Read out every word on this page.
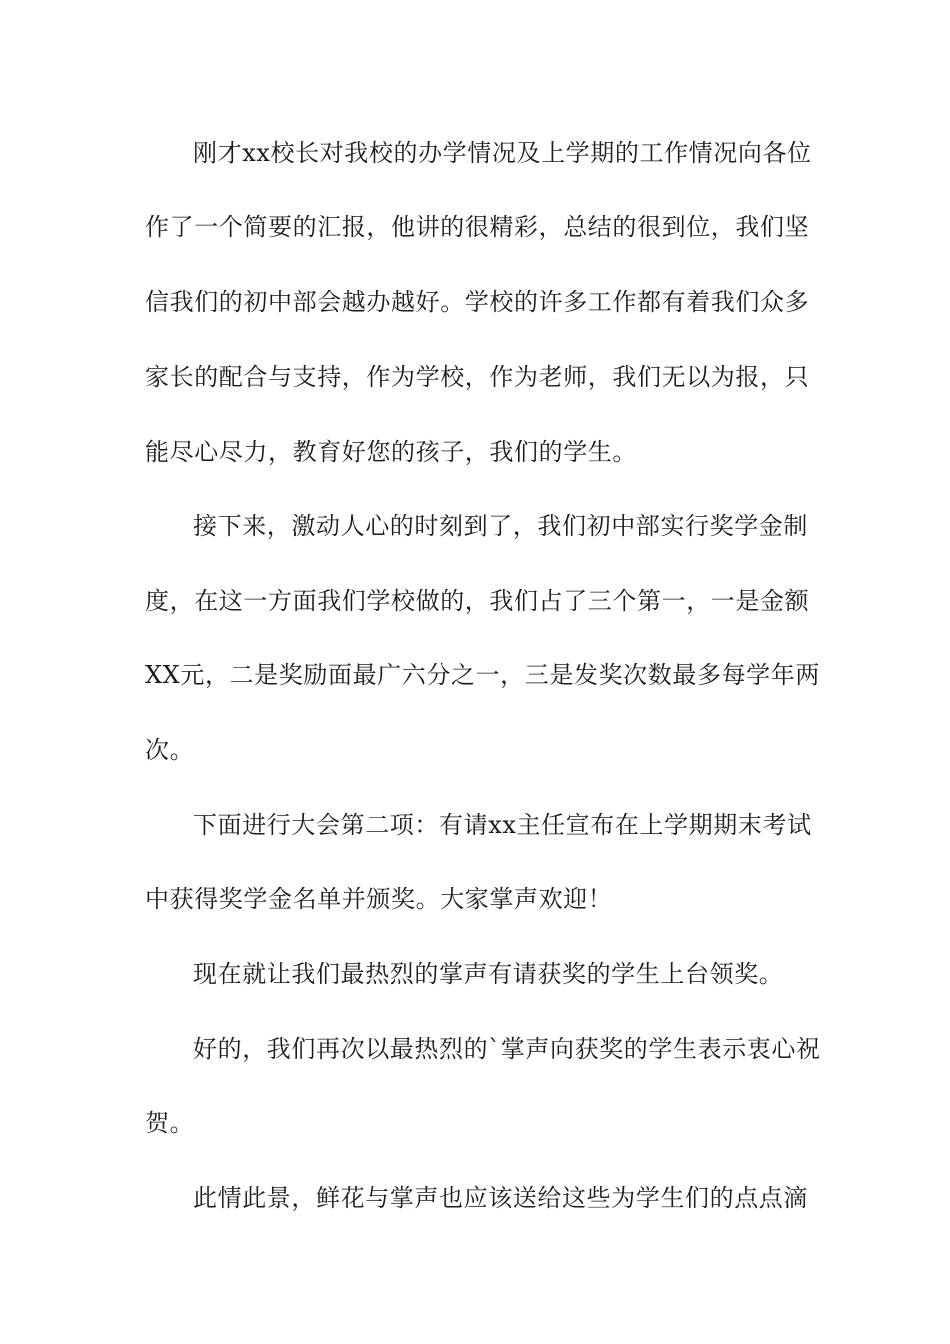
刚才xx校长对我校的办学情况及上学期的工作情况向各位
作了一个简要的汇报，他讲的很精彩，总结的很到位，我们坚
信我们的初中部会越办越好。学校的许多工作都有着我们众多
家长的配合与支持，作为学校，作为老师，我们无以为报，只
能尽心尽力，教育好您的孩子，我们的学生。
接下来，激动人心的时刻到了，我们初中部实行奖学金制
度，在这一方面我们学校做的，我们占了三个第一，一是金额
XX元，二是奖励面最广六分之一，三是发奖次数最多每学年两
次。
下面进行大会第二项：有请xx主任宣布在上学期期末考试
中获得奖学金名单并颁奖。大家掌声欢迎！
现在就让我们最热烈的掌声有请获奖的学生上台领奖。
好的，我们再次以最热烈的`掌声向获奖的学生表示衷心祝
贺。
此情此景，鲜花与掌声也应该送给这些为学生们的点点滴
